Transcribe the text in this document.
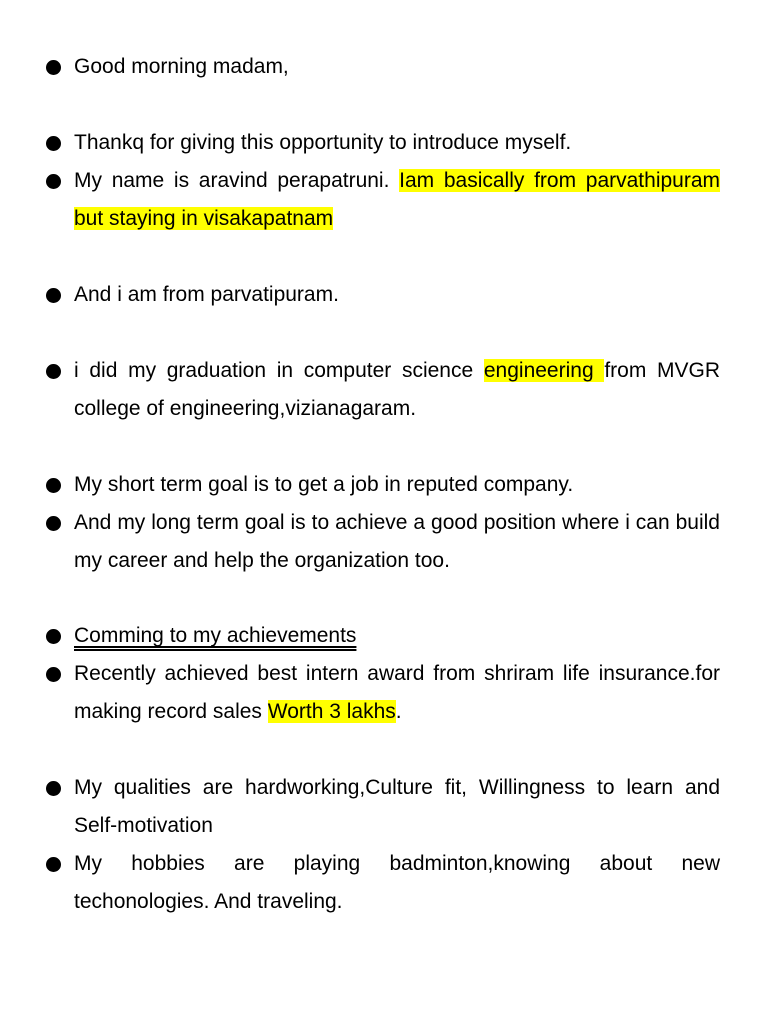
Good morning madam,
Thankq for giving this opportunity to introduce myself.
My name is aravind perapatruni. Iam basically from parvathipuram but staying in visakapatnam
And i am from parvatipuram.
i did my graduation in computer science engineering from MVGR college of engineering,vizianagaram.
My short term goal is to get a job in reputed company.
And my long term goal is to achieve a good position where i can build my career and help the organization too.
Comming to my achievements
Recently achieved best intern award from shriram life insurance.for making record sales Worth 3 lakhs.
My qualities are hardworking,Culture fit, Willingness to learn and Self-motivation
My hobbies are playing badminton,knowing about new techonologies. And traveling.
